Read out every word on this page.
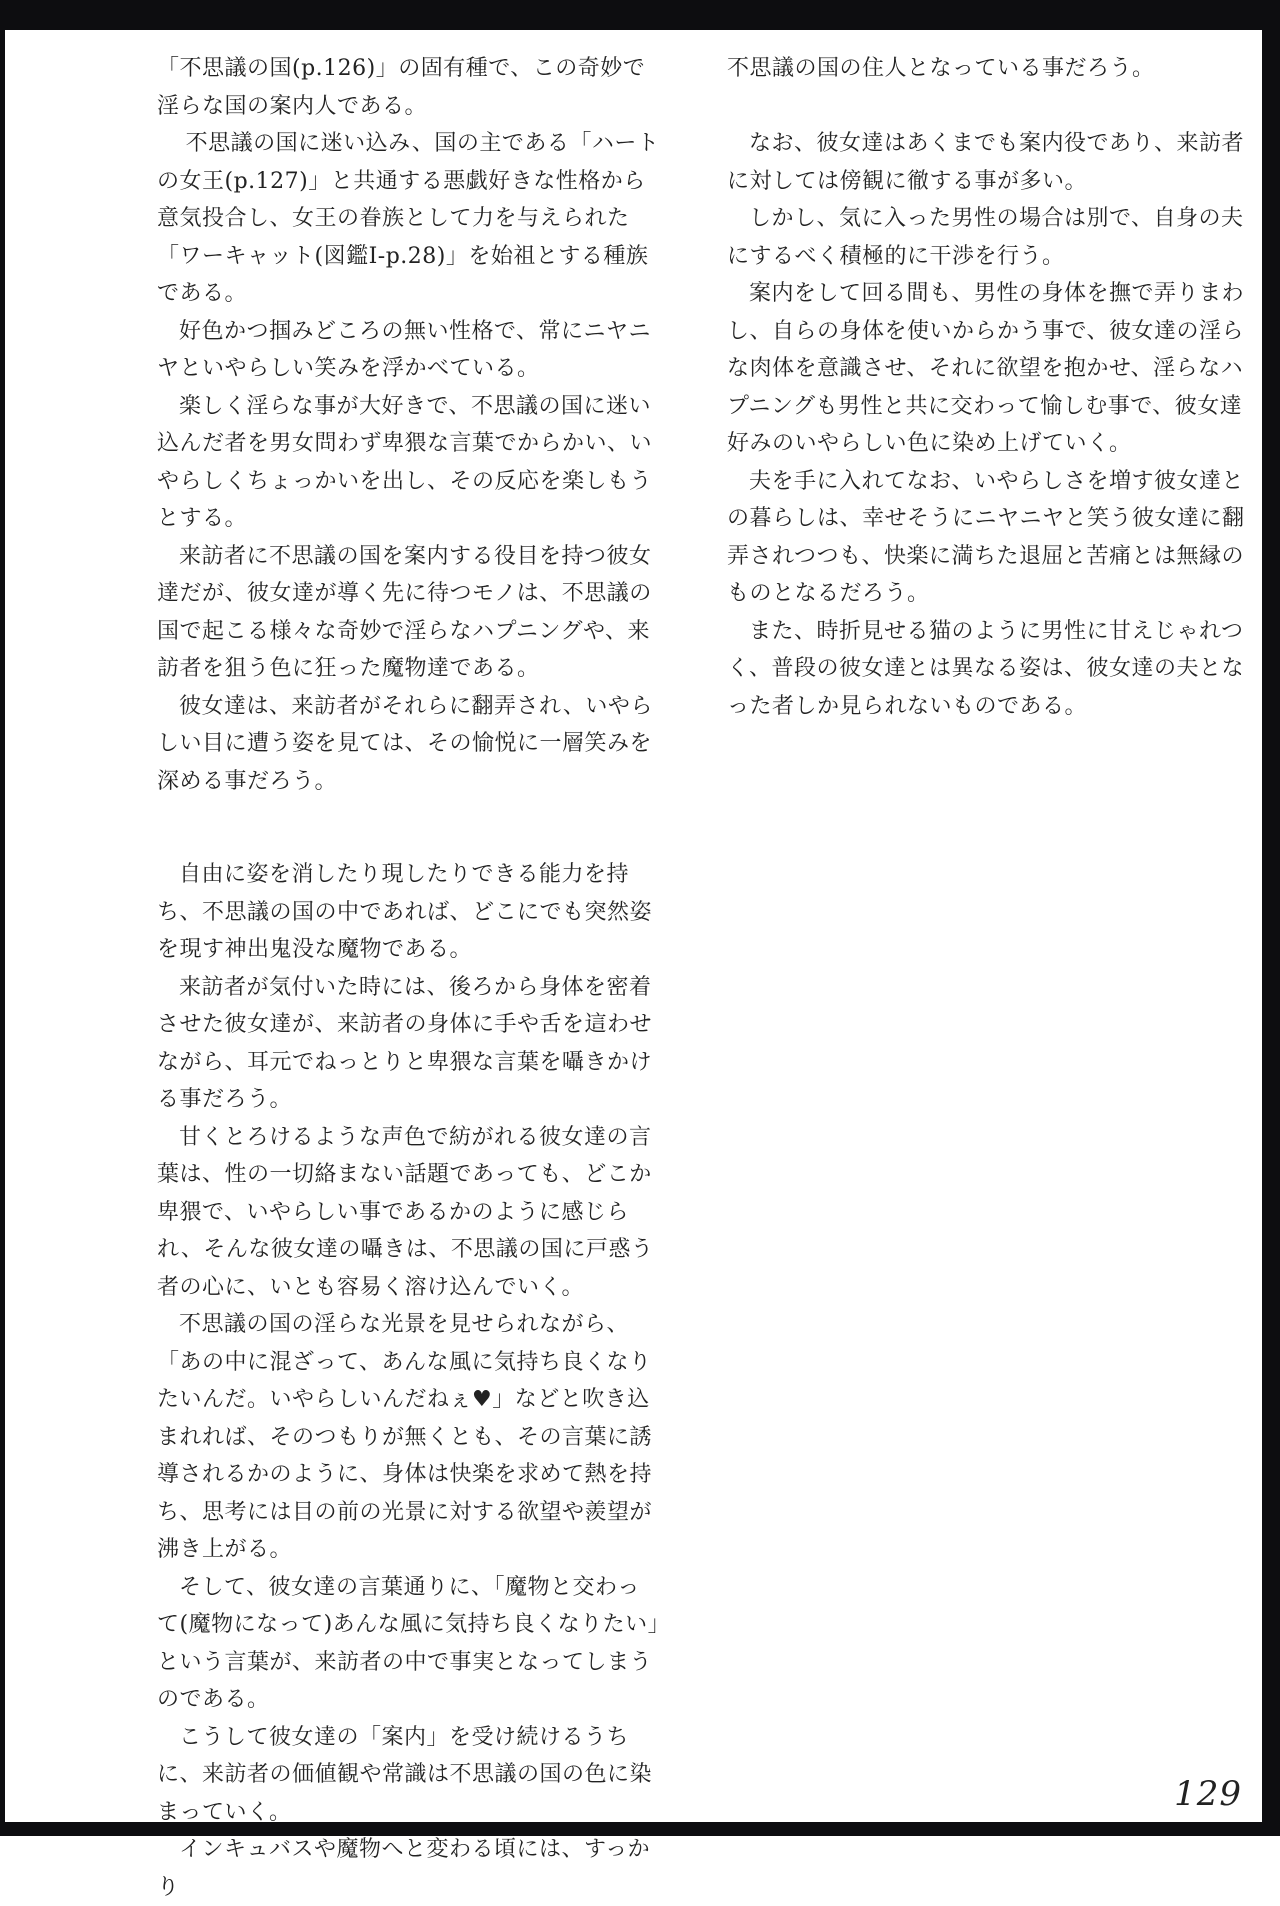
「不思議の国(p.126)」の固有種で、この奇妙で淫らな国の案内人である。

不思議の国に迷い込み、国の主である「ハートの女王(p.127)」と共通する悪戯好きな性格から意気投合し、女王の眷族として力を与えられた「ワーキャット(図鑑Ⅰ-p.28)」を始祖とする種族である。

好色かつ掴みどころの無い性格で、常にニヤニヤといやらしい笑みを浮かべている。

楽しく淫らな事が大好きで、不思議の国に迷い込んだ者を男女問わず卑猥な言葉でからかい、いやらしくちょっかいを出し、その反応を楽しもうとする。

来訪者に不思議の国を案内する役目を持つ彼女達だが、彼女達が導く先に待つモノは、不思議の国で起こる様々な奇妙で淫らなハプニングや、来訪者を狙う色に狂った魔物達である。

彼女達は、来訪者がそれらに翻弄され、いやらしい目に遭う姿を見ては、その愉悦に一層笑みを深める事だろう。

自由に姿を消したり現したりできる能力を持ち、不思議の国の中であれば、どこにでも突然姿を現す神出鬼没な魔物である。

来訪者が気付いた時には、後ろから身体を密着させた彼女達が、来訪者の身体に手や舌を這わせながら、耳元でねっとりと卑猥な言葉を囁きかける事だろう。

甘くとろけるような声色で紡がれる彼女達の言葉は、性の一切絡まない話題であっても、どこか卑猥で、いやらしい事であるかのように感じられ、そんな彼女達の囁きは、不思議の国に戸惑う者の心に、いとも容易く溶け込んでいく。

不思議の国の淫らな光景を見せられながら、「あの中に混ざって、あんな風に気持ち良くなりたいんだ。いやらしいんだねぇ♥」などと吹き込まれれば、そのつもりが無くとも、その言葉に誘導されるかのように、身体は快楽を求めて熱を持ち、思考には目の前の光景に対する欲望や羨望が沸き上がる。

そして、彼女達の言葉通りに、「魔物と交わって(魔物になって)あんな風に気持ち良くなりたい」という言葉が、来訪者の中で事実となってしまうのである。

こうして彼女達の「案内」を受け続けるうちに、来訪者の価値観や常識は不思議の国の色に染まっていく。

インキュバスや魔物へと変わる頃には、すっかり

不思議の国の住人となっている事だろう。

なお、彼女達はあくまでも案内役であり、来訪者に対しては傍観に徹する事が多い。

しかし、気に入った男性の場合は別で、自身の夫にするべく積極的に干渉を行う。

案内をして回る間も、男性の身体を撫で弄りまわし、自らの身体を使いからかう事で、彼女達の淫らな肉体を意識させ、それに欲望を抱かせ、淫らなハプニングも男性と共に交わって愉しむ事で、彼女達好みのいやらしい色に染め上げていく。

夫を手に入れてなお、いやらしさを増す彼女達との暮らしは、幸せそうにニヤニヤと笑う彼女達に翻弄されつつも、快楽に満ちた退屈と苦痛とは無縁のものとなるだろう。

また、時折見せる猫のように男性に甘えじゃれつく、普段の彼女達とは異なる姿は、彼女達の夫となった者しか見られないものである。

129
